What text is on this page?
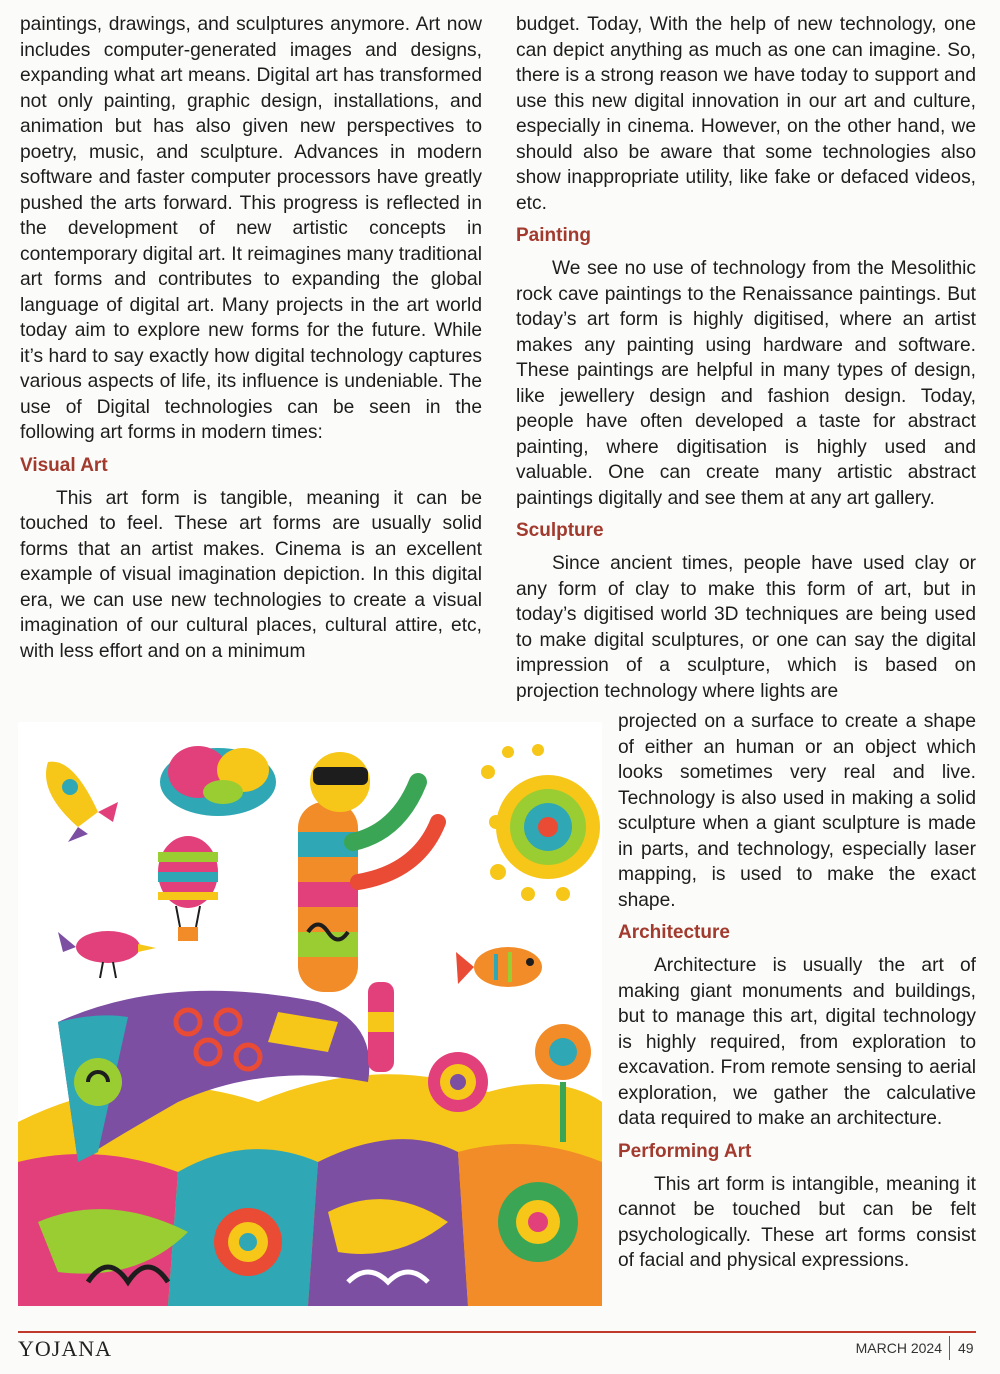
paintings, drawings, and sculptures anymore. Art now includes computer-generated images and designs, expanding what art means. Digital art has transformed not only painting, graphic design, installations, and animation but has also given new perspectives to poetry, music, and sculpture. Advances in modern software and faster computer processors have greatly pushed the arts forward. This progress is reflected in the development of new artistic concepts in contemporary digital art. It reimagines many traditional art forms and contributes to expanding the global language of digital art. Many projects in the art world today aim to explore new forms for the future. While it’s hard to say exactly how digital technology captures various aspects of life, its influence is undeniable. The use of Digital technologies can be seen in the following art forms in modern times:

Visual Art

This art form is tangible, meaning it can be touched to feel. These art forms are usually solid forms that an artist makes. Cinema is an excellent example of visual imagination depiction. In this digital era, we can use new technologies to create a visual imagination of our cultural places, cultural attire, etc, with less effort and on a minimum

budget. Today, With the help of new technology, one can depict anything as much as one can imagine. So, there is a strong reason we have today to support and use this new digital innovation in our art and culture, especially in cinema. However, on the other hand, we should also be aware that some technologies also show inappropriate utility, like fake or defaced videos, etc.

Painting

We see no use of technology from the Mesolithic rock cave paintings to the Renaissance paintings. But today’s art form is highly digitised, where an artist makes any painting using hardware and software. These paintings are helpful in many types of design, like jewellery design and fashion design. Today, people have often developed a taste for abstract painting, where digitisation is highly used and valuable. One can create many artistic abstract paintings digitally and see them at any art gallery.

Sculpture

Since ancient times, people have used clay or any form of clay to make this form of art, but in today’s digitised world 3D techniques are being used to make digital sculptures, or one can say the digital impression of a sculpture, which is based on projection technology where lights are

projected on a surface to create a shape of either an human or an object which looks sometimes very real and live. Technology is also used in making a solid sculpture when a giant sculpture is made in parts, and technology, especially laser mapping, is used to make the exact shape.

Architecture

Architecture is usually the art of making giant monuments and buildings, but to manage this art, digital technology is highly required, from exploration to excavation. From remote sensing to aerial exploration, we gather the calculative data required to make an architecture.

Performing Art

This art form is intangible, meaning it cannot be touched but can be felt psychologically. These art forms consist of facial and physical expressions.

YOJANA	MARCH 2024 49
